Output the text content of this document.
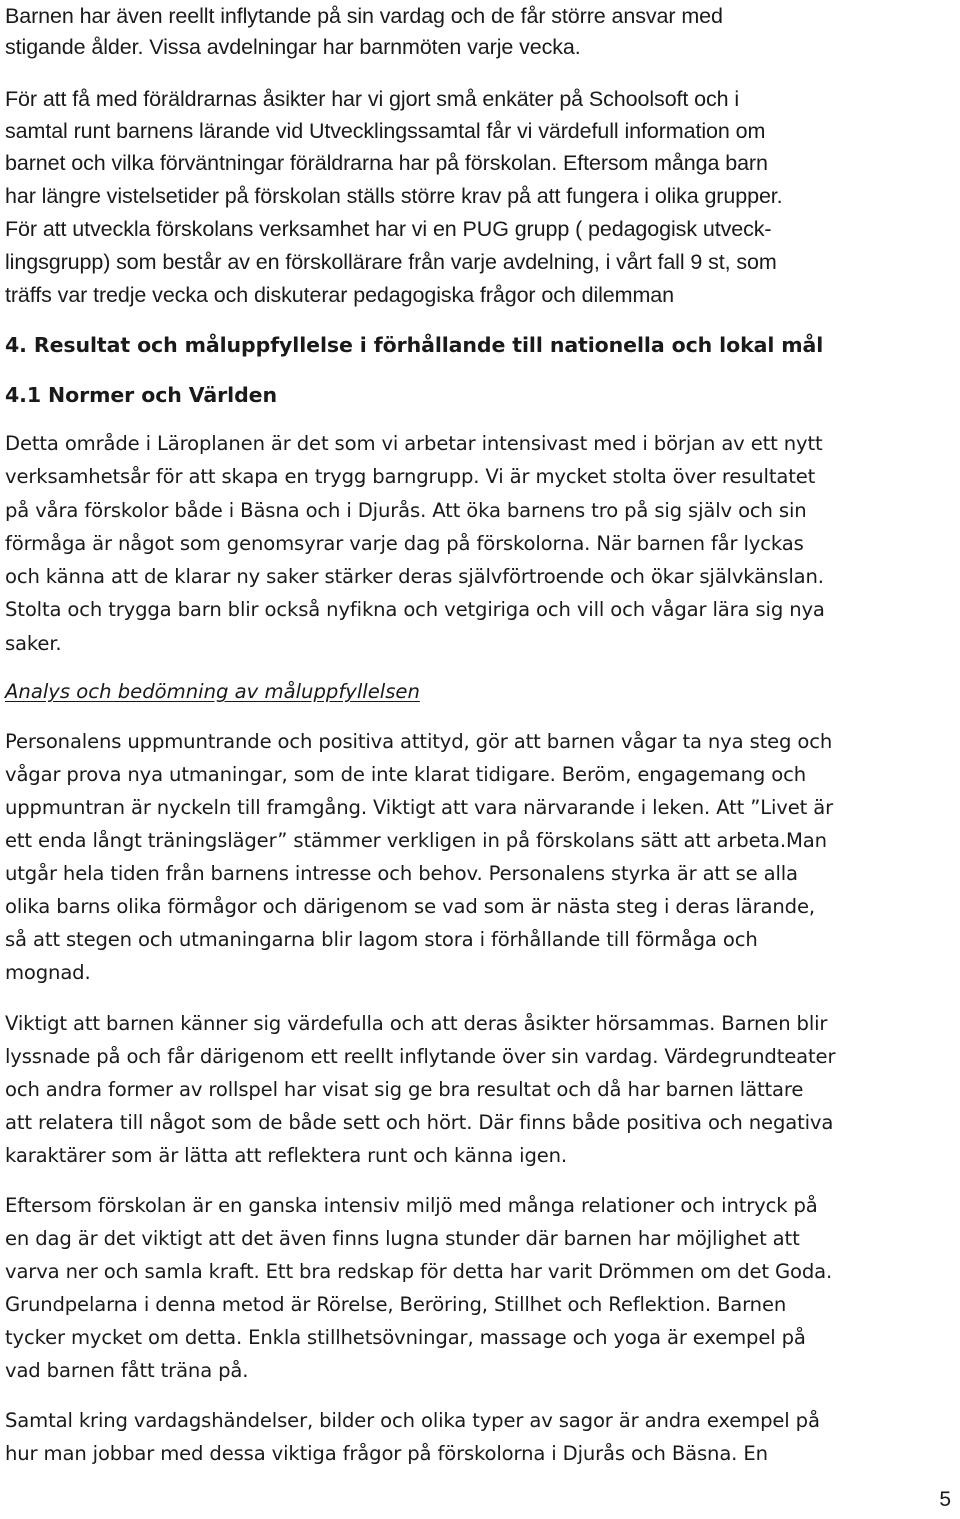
Barnen har även reellt inflytande på sin vardag och de får större ansvar med

stigande ålder. Vissa avdelningar har barnmöten varje vecka.

För att få med föräldrarnas åsikter har vi gjort små enkäter på Schoolsoft och i

samtal runt barnens lärande vid Utvecklingssamtal får vi värdefull information om

barnet och vilka förväntningar föräldrarna har på förskolan. Eftersom många barn

har längre vistelsetider på förskolan ställs större krav på att fungera i olika grupper.

För att utveckla förskolans verksamhet har vi en PUG grupp ( pedagogisk utveck-

lingsgrupp) som består av en förskollärare från varje avdelning, i vårt fall 9 st, som

träffs var tredje vecka och diskuterar pedagogiska frågor och dilemman

4. Resultat och måluppfyllelse i förhållande till nationella och lokal mål

4.1 Normer och Världen

Detta område i Läroplanen är det som vi arbetar intensivast med i början av ett nytt

verksamhetsår för att skapa en trygg barngrupp. Vi är mycket stolta över resultatet

på våra förskolor både i Bäsna och i Djurås. Att öka barnens tro på sig själv och sin

förmåga är något som genomsyrar varje dag på förskolorna. När barnen får lyckas

och känna att de klarar ny saker stärker deras självförtroende och ökar självkänslan.

Stolta och trygga barn blir också nyfikna och vetgiriga och vill och vågar lära sig nya

saker.

Analys och bedömning av måluppfyllelsen

Personalens uppmuntrande och positiva attityd, gör att barnen vågar ta nya steg och

vågar prova nya utmaningar, som de inte klarat tidigare. Beröm, engagemang och

uppmuntran är nyckeln till framgång. Viktigt att vara närvarande i leken. Att ”Livet är

ett enda långt träningsläger” stämmer verkligen in på förskolans sätt att arbeta.Man

utgår hela tiden från barnens intresse och behov. Personalens styrka är att se alla

olika barns olika förmågor och därigenom se vad som är nästa steg i deras lärande,

så att stegen och utmaningarna blir lagom stora i förhållande till förmåga och

mognad.

Viktigt att barnen känner sig värdefulla och att deras åsikter hörsammas. Barnen blir

lyssnade på och får därigenom ett reellt inflytande över sin vardag. Värdegrundteater

och andra former av rollspel har visat sig ge bra resultat och då har barnen lättare

att relatera till något som de både sett och hört. Där finns både positiva och negativa

karaktärer som är lätta att reflektera runt och känna igen.

Eftersom förskolan är en ganska intensiv miljö med många relationer och intryck på

en dag är det viktigt att det även finns lugna stunder där barnen har möjlighet att

varva ner och samla kraft. Ett bra redskap för detta har varit Drömmen om det Goda.

Grundpelarna i denna metod är Rörelse, Beröring, Stillhet och Reflektion. Barnen

tycker mycket om detta. Enkla stillhetsövningar, massage och yoga är exempel på

vad barnen fått träna på.

Samtal kring vardagshändelser, bilder och olika typer av sagor är andra exempel på

hur man jobbar med dessa viktiga frågor på förskolorna i Djurås och Bäsna. En

5
